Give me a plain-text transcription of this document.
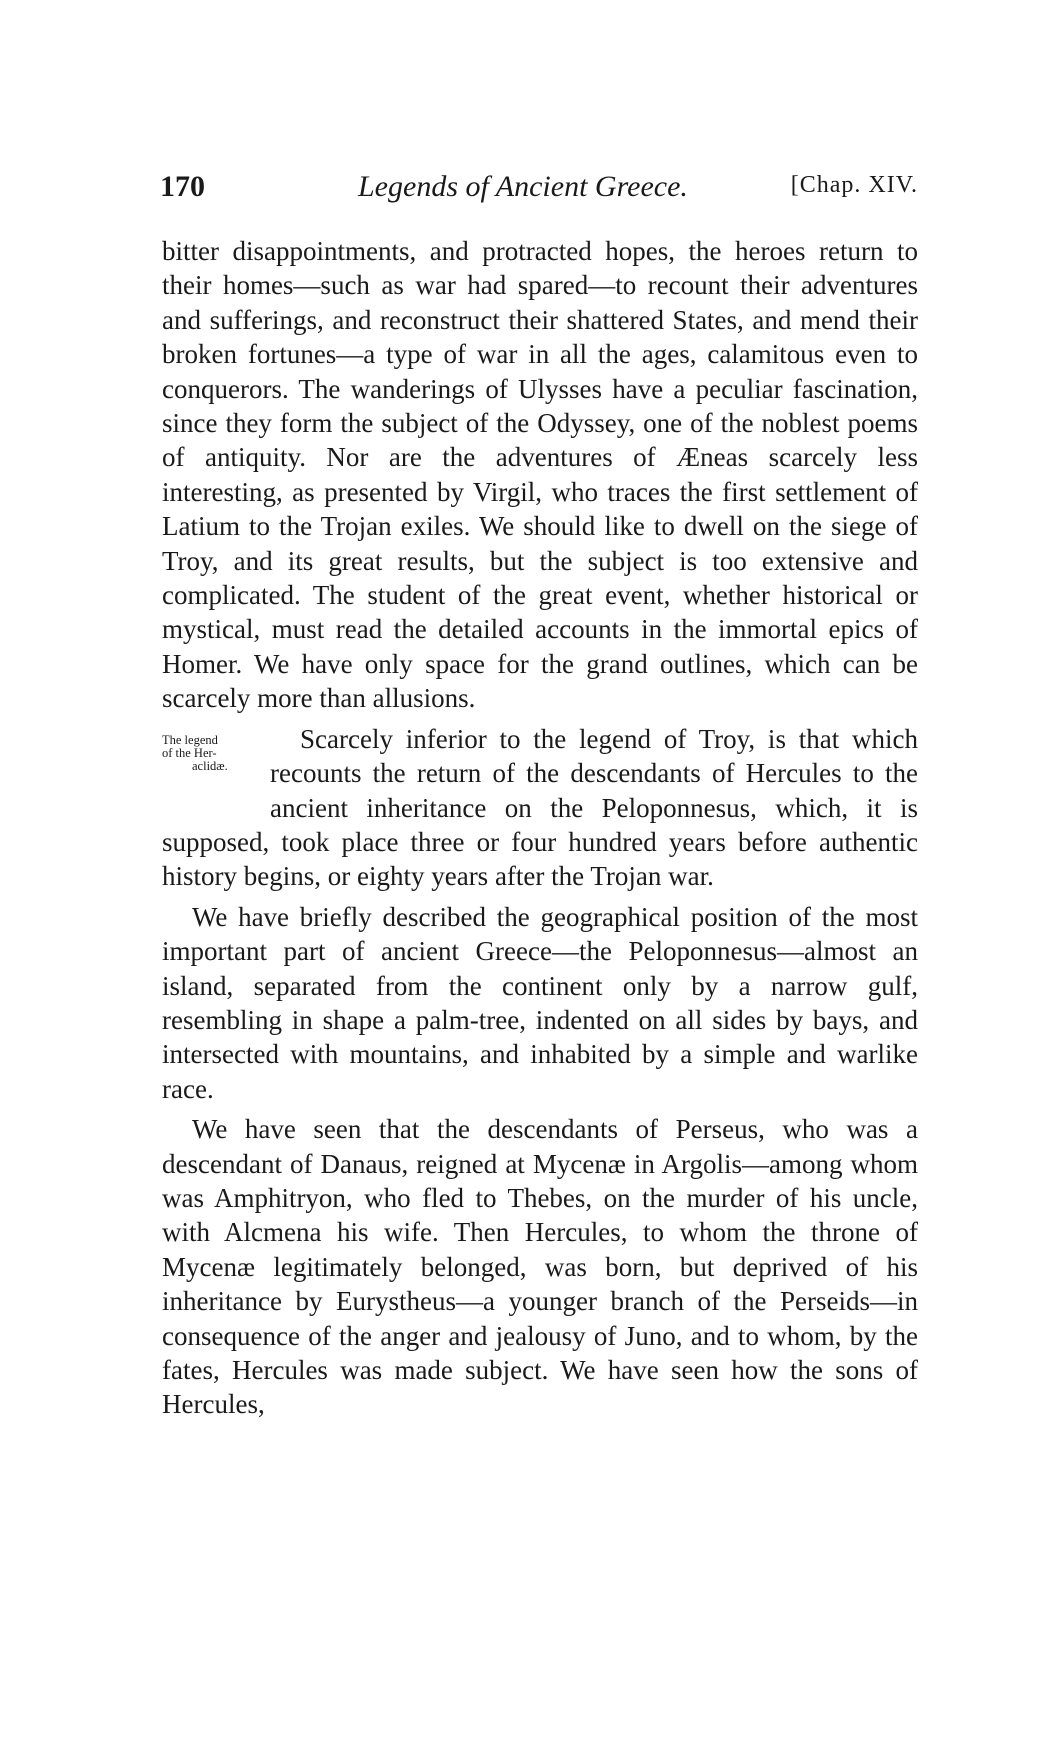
170	Legends of Ancient Greece.	[Chap. XIV.

bitter disappointments, and protracted hopes, the heroes return to their homes—such as war had spared—to recount their adventures and sufferings, and reconstruct their shattered States, and mend their broken fortunes—a type of war in all the ages, calamitous even to conquerors. The wanderings of Ulysses have a peculiar fascination, since they form the subject of the Odyssey, one of the noblest poems of antiquity. Nor are the adventures of Æneas scarcely less interesting, as presented by Virgil, who traces the first settlement of Latium to the Trojan exiles. We should like to dwell on the siege of Troy, and its great results, but the subject is too extensive and complicated. The student of the great event, whether historical or mystical, must read the detailed accounts in the immortal epics of Homer. We have only space for the grand outlines, which can be scarcely more than allusions.

The legend
of the Her-
aclidæ.
Scarcely inferior to the legend of Troy, is that which recounts the return of the descendants of Hercules to the ancient inheritance on the Peloponnesus, which, it is supposed, took place three or four hundred years before authentic history begins, or eighty years after the Trojan war.

We have briefly described the geographical position of the most important part of ancient Greece—the Peloponnesus—almost an island, separated from the continent only by a narrow gulf, resembling in shape a palm-tree, indented on all sides by bays, and intersected with mountains, and inhabited by a simple and warlike race.

We have seen that the descendants of Perseus, who was a descendant of Danaus, reigned at Mycenæ in Argolis—among whom was Amphitryon, who fled to Thebes, on the murder of his uncle, with Alcmena his wife. Then Hercules, to whom the throne of Mycenæ legitimately belonged, was born, but deprived of his inheritance by Eurystheus—a younger branch of the Perseids—in consequence of the anger and jealousy of Juno, and to whom, by the fates, Hercules was made subject. We have seen how the sons of Hercules,
